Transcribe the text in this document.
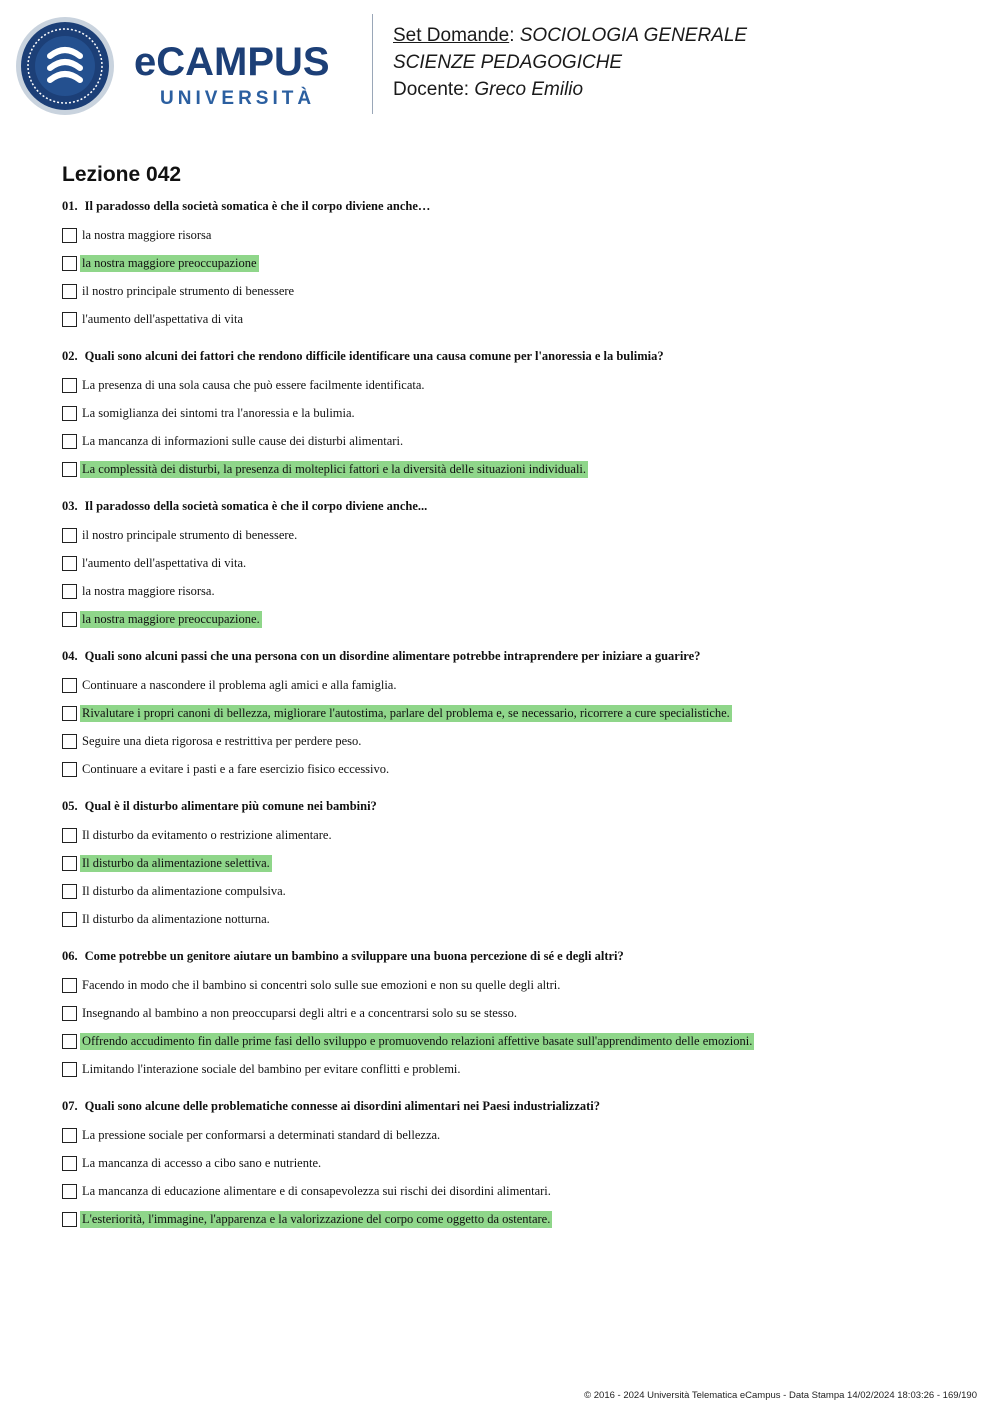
eCAMPUS
UNIVERSITÀ
Set Domande: SOCIOLOGIA GENERALE
SCIENZE PEDAGOGICHE
Docente: Greco Emilio
Lezione 042
01. Il paradosso della società somatica è che il corpo diviene anche…
la nostra maggiore risorsa
la nostra maggiore preoccupazione
il nostro principale strumento di benessere
l'aumento dell'aspettativa di vita
02. Quali sono alcuni dei fattori che rendono difficile identificare una causa comune per l'anoressia e la bulimia?
La presenza di una sola causa che può essere facilmente identificata.
La somiglianza dei sintomi tra l'anoressia e la bulimia.
La mancanza di informazioni sulle cause dei disturbi alimentari.
La complessità dei disturbi, la presenza di molteplici fattori e la diversità delle situazioni individuali.
03. Il paradosso della società somatica è che il corpo diviene anche...
il nostro principale strumento di benessere.
l'aumento dell'aspettativa di vita.
la nostra maggiore risorsa.
la nostra maggiore preoccupazione.
04. Quali sono alcuni passi che una persona con un disordine alimentare potrebbe intraprendere per iniziare a guarire?
Continuare a nascondere il problema agli amici e alla famiglia.
Rivalutare i propri canoni di bellezza, migliorare l'autostima, parlare del problema e, se necessario, ricorrere a cure specialistiche.
Seguire una dieta rigorosa e restrittiva per perdere peso.
Continuare a evitare i pasti e a fare esercizio fisico eccessivo.
05. Qual è il disturbo alimentare più comune nei bambini?
Il disturbo da evitamento o restrizione alimentare.
Il disturbo da alimentazione selettiva.
Il disturbo da alimentazione compulsiva.
Il disturbo da alimentazione notturna.
06. Come potrebbe un genitore aiutare un bambino a sviluppare una buona percezione di sé e degli altri?
Facendo in modo che il bambino si concentri solo sulle sue emozioni e non su quelle degli altri.
Insegnando al bambino a non preoccuparsi degli altri e a concentrarsi solo su se stesso.
Offrendo accudimento fin dalle prime fasi dello sviluppo e promuovendo relazioni affettive basate sull'apprendimento delle emozioni.
Limitando l'interazione sociale del bambino per evitare conflitti e problemi.
07. Quali sono alcune delle problematiche connesse ai disordini alimentari nei Paesi industrializzati?
La pressione sociale per conformarsi a determinati standard di bellezza.
La mancanza di accesso a cibo sano e nutriente.
La mancanza di educazione alimentare e di consapevolezza sui rischi dei disordini alimentari.
L'esteriorità, l'immagine, l'apparenza e la valorizzazione del corpo come oggetto da ostentare.
© 2016 - 2024 Università Telematica eCampus - Data Stampa 14/02/2024 18:03:26 - 169/190
